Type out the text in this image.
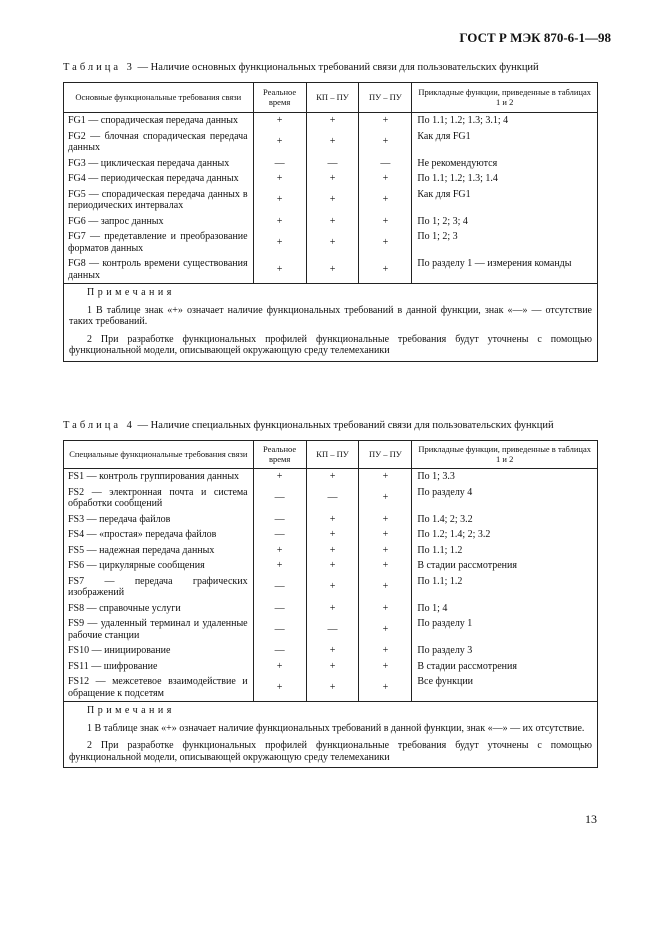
ГОСТ Р МЭК 870-6-1—98
Таблица 3 — Наличие основных функциональных требований связи для пользовательских функций
Основные функциональные требования связи	Реальное время	КП – ПУ	ПУ – ПУ	Прикладные функции, приведенные в таблицах 1 и 2
FG1 — спорадическая передача данных	+	+	+	По 1.1; 1.2; 1.3; 3.1; 4
FG2 — блочная спорадическая передача данных	+	+	+	Как для FG1
FG3 — циклическая передача данных	—	—	—	Не рекомендуются
FG4 — периодическая передача данных	+	+	+	По 1.1; 1.2; 1.3; 1.4
FG5 — спорадическая передача данных в периодических интервалах	+	+	+	Как для FG1
FG6 — запрос данных	+	+	+	По 1; 2; 3; 4
FG7 — предетавление и преобразование форматов данных	+	+	+	По 1; 2; 3
FG8 — контроль времени существования данных	+	+	+	По разделу 1 — измерения команды

Примечания

1 В таблице знак «+» означает наличие функциональных требований в данной функции, знак «—» — отсутствие таких требований.

2 При разработке функциональных профилей функциональные требования будут уточнены с помощью функциональной модели, описывающей окружающую среду телемеханики				

Таблица 4 — Наличие специальных функциональных требований связи для пользовательских функций
Специальные функциональные требования связи	Реальное время	КП – ПУ	ПУ – ПУ	Прикладные функции, приведенные в таблицах 1 и 2
FS1 — контроль группирования данных	+	+	+	По 1; 3.3
FS2 — электронная почта и система обработки сообщений	—	—	+	По разделу 4
FS3 — передача файлов	—	+	+	По 1.4; 2; 3.2
FS4 — «простая» передача файлов	—	+	+	По 1.2; 1.4; 2; 3.2
FS5 — надежная передача данных	+	+	+	По 1.1; 1.2
FS6 — циркулярные сообщения	+	+	+	В стадии рассмотрения
FS7 — передача графических изображений	—	+	+	По 1.1; 1.2
FS8 — справочные услуги	—	+	+	По 1; 4
FS9 — удаленный терминал и удаленные рабочие станции	—	—	+	По разделу 1
FS10 — инициирование	—	+	+	По разделу 3
FS11 — шифрование	+	+	+	В стадии рассмотрения
FS12 — межсетевое взаимодействие и обращение к подсетям	+	+	+	Все функции

Примечания

1 В таблице знак «+» означает наличие функциональных требований в данной функции, знак «—» — их отсутствие.

2 При разработке функциональных профилей функциональные требования будут уточнены с помощью функциональной модели, описывающей окружающую среду телемеханики				

13
